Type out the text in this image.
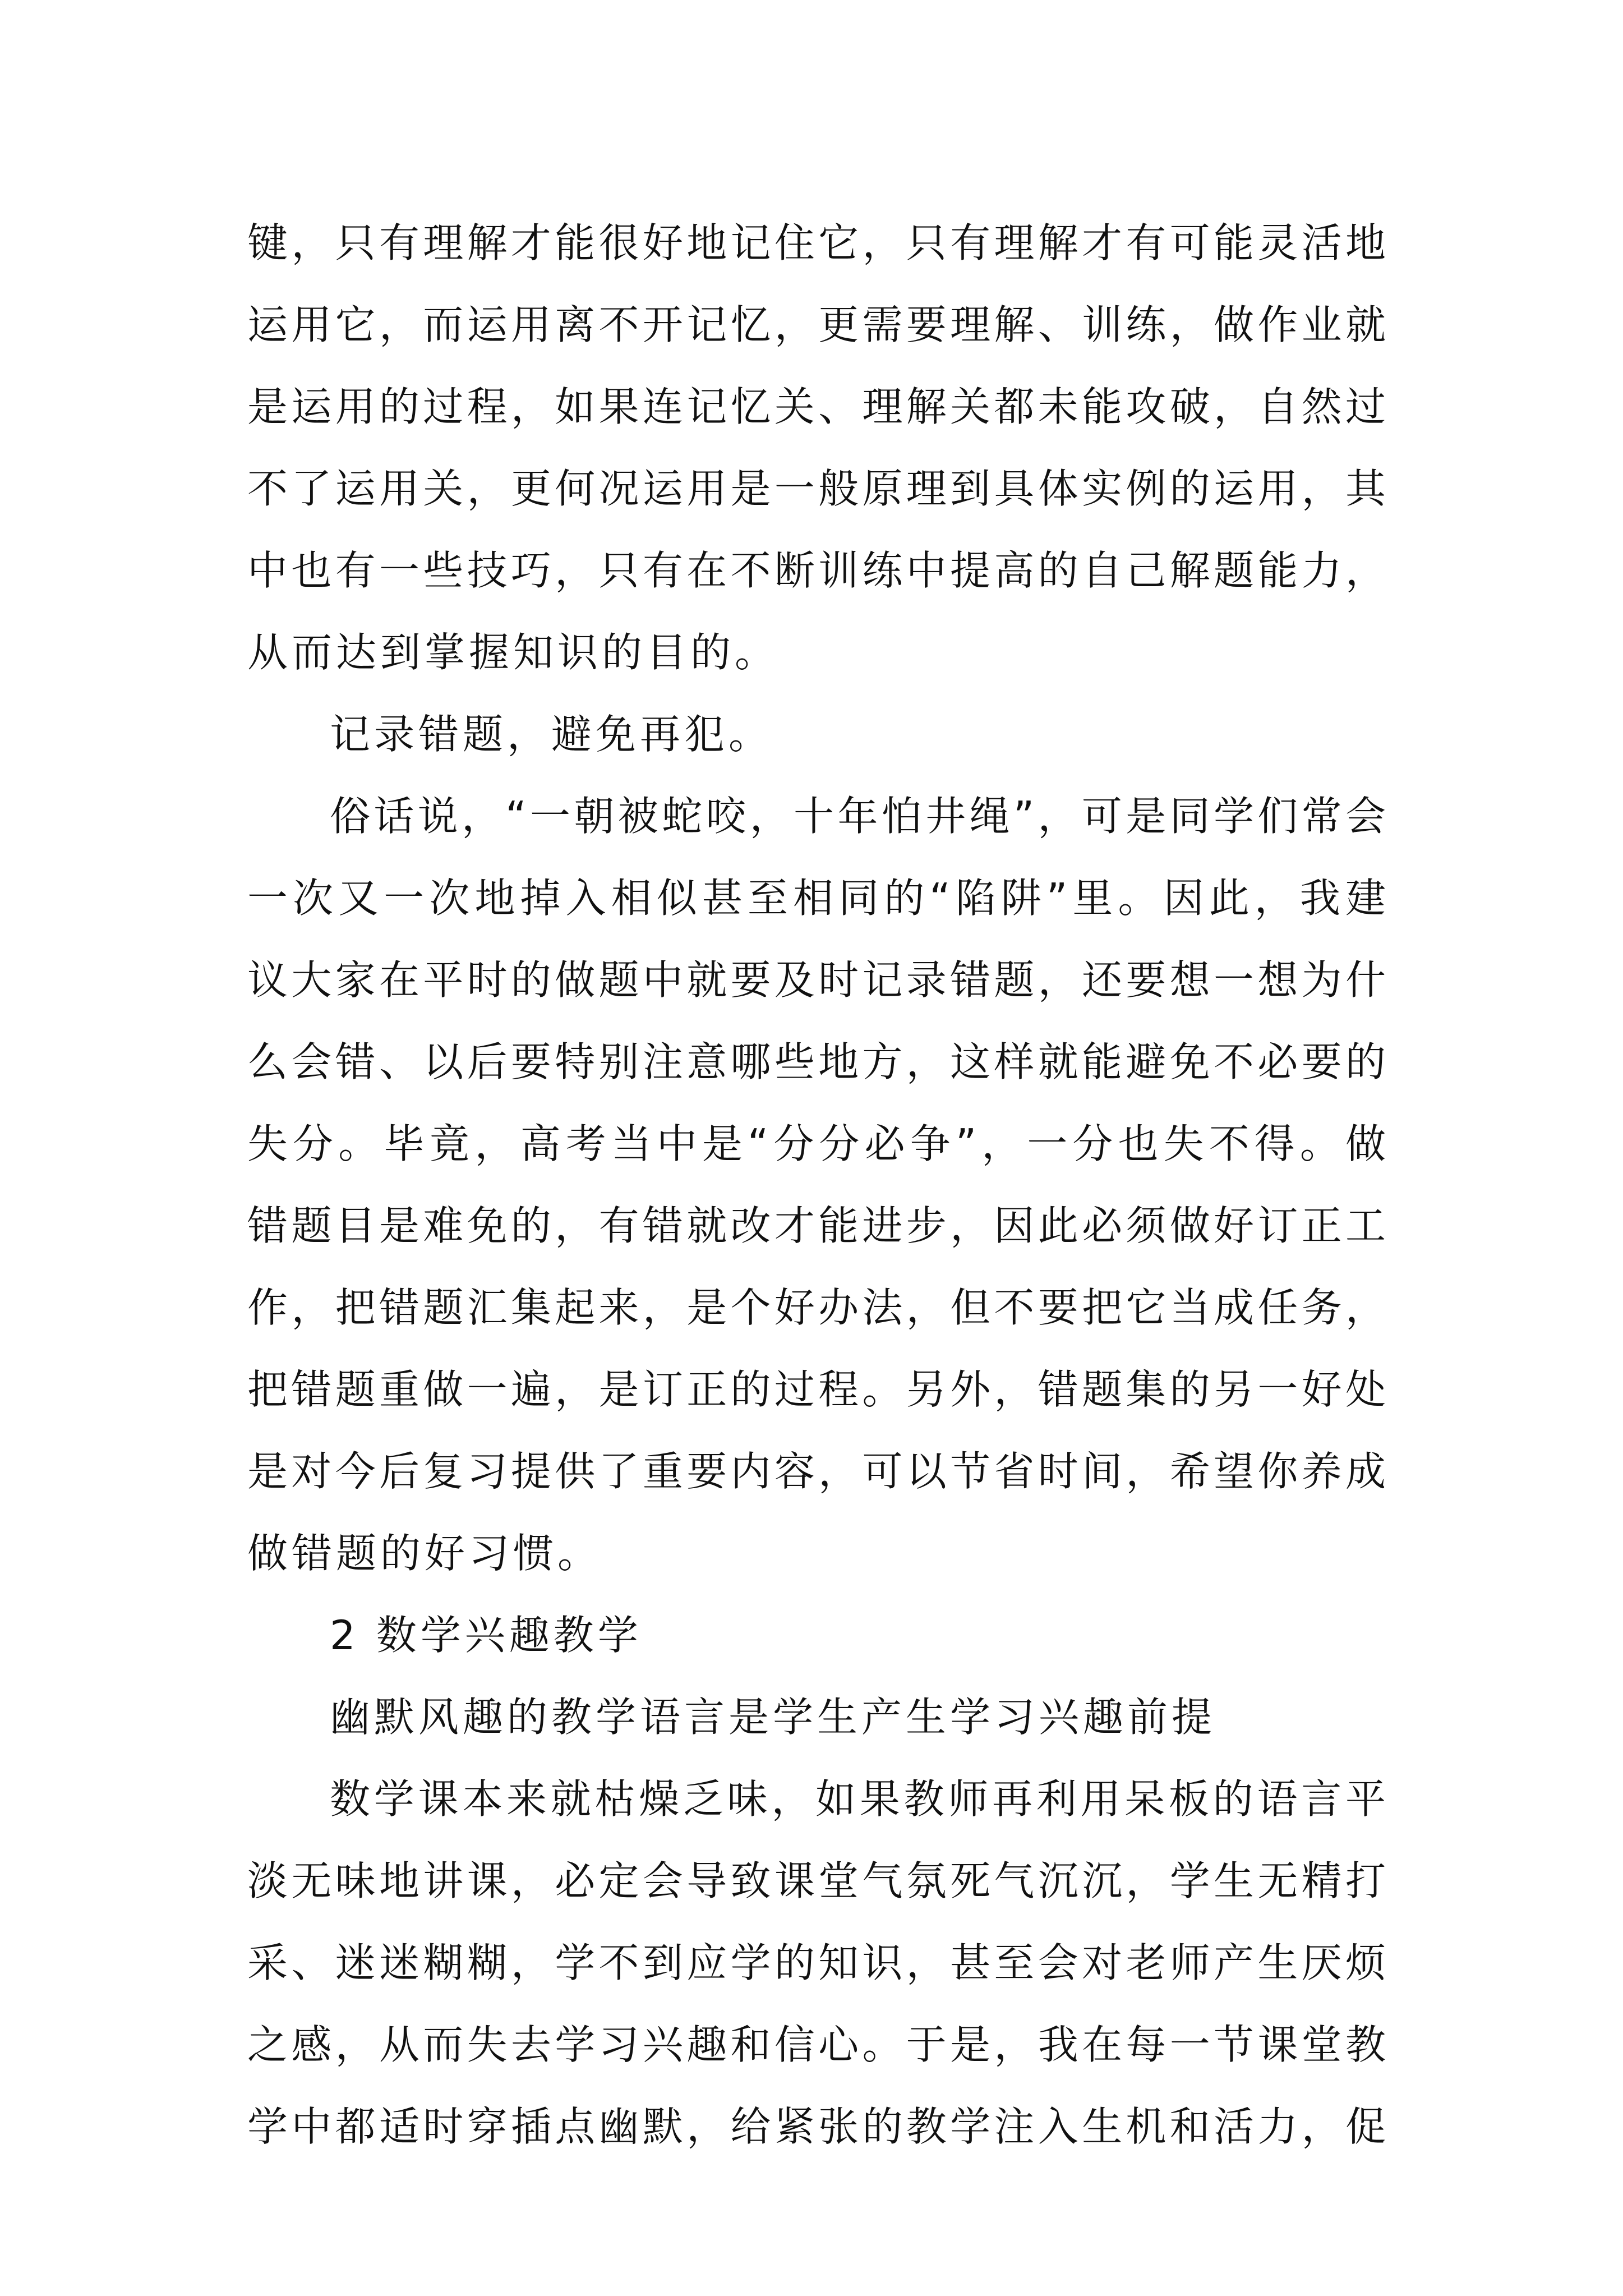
键，只有理解才能很好地记住它，只有理解才有可能灵活地
运用它，而运用离不开记忆，更需要理解、训练，做作业就
是运用的过程，如果连记忆关、理解关都未能攻破，自然过
不了运用关，更何况运用是一般原理到具体实例的运用，其
中也有一些技巧，只有在不断训练中提高的自己解题能力，
从而达到掌握知识的目的。
记录错题，避免再犯。
俗话说，“一朝被蛇咬，十年怕井绳”，可是同学们常会
一次又一次地掉入相似甚至相同的“陷阱”里。因此，我建
议大家在平时的做题中就要及时记录错题，还要想一想为什
么会错、以后要特别注意哪些地方，这样就能避免不必要的
失分。毕竟，高考当中是“分分必争”，一分也失不得。做
错题目是难免的，有错就改才能进步，因此必须做好订正工
作，把错题汇集起来，是个好办法，但不要把它当成任务，
把错题重做一遍，是订正的过程。另外，错题集的另一好处
是对今后复习提供了重要内容，可以节省时间，希望你养成
做错题的好习惯。
2 数学兴趣教学
幽默风趣的教学语言是学生产生学习兴趣前提
数学课本来就枯燥乏味，如果教师再利用呆板的语言平
淡无味地讲课，必定会导致课堂气氛死气沉沉，学生无精打
采、迷迷糊糊，学不到应学的知识，甚至会对老师产生厌烦
之感，从而失去学习兴趣和信心。于是，我在每一节课堂教
学中都适时穿插点幽默，给紧张的教学注入生机和活力，促
